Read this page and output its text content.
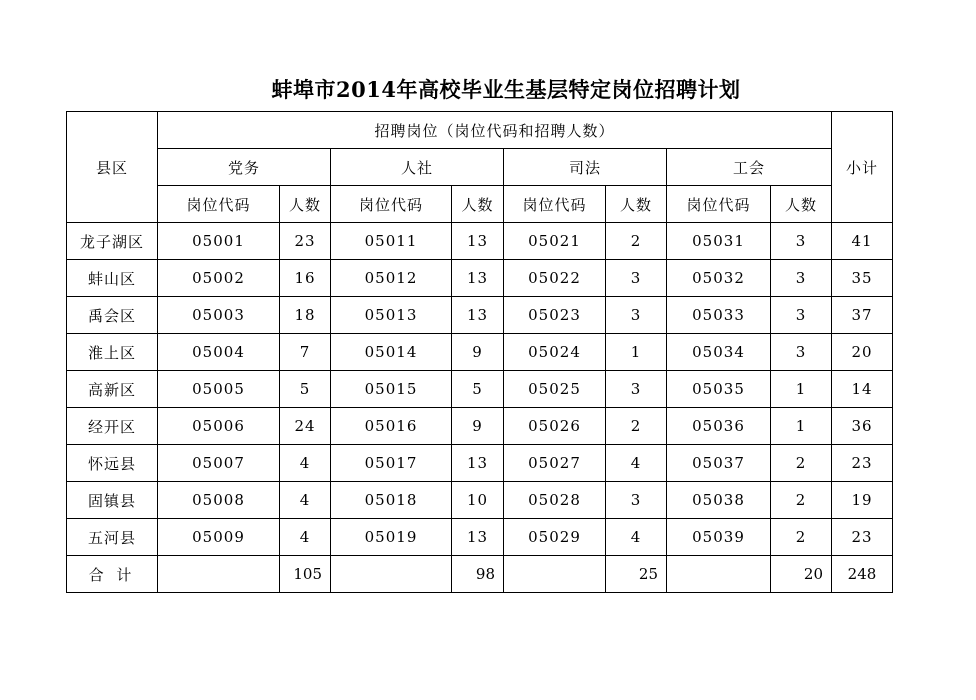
蚌埠市2014年高校毕业生基层特定岗位招聘计划
县区	招聘岗位（岗位代码和招聘人数）								小计
	党务		人社		司法		工会		
	岗位代码	人数	岗位代码	人数	岗位代码	人数	岗位代码	人数	
龙子湖区	05001	23	05011	13	05021	2	05031	3	41
蚌山区	05002	16	05012	13	05022	3	05032	3	35
禹会区	05003	18	05013	13	05023	3	05033	3	37
淮上区	05004	7	05014	9	05024	1	05034	3	20
高新区	05005	5	05015	5	05025	3	05035	1	14
经开区	05006	24	05016	9	05026	2	05036	1	36
怀远县	05007	4	05017	13	05027	4	05037	2	23
固镇县	05008	4	05018	10	05028	3	05038	2	19
五河县	05009	4	05019	13	05029	4	05039	2	23
合 计		105		98		25		20	248
